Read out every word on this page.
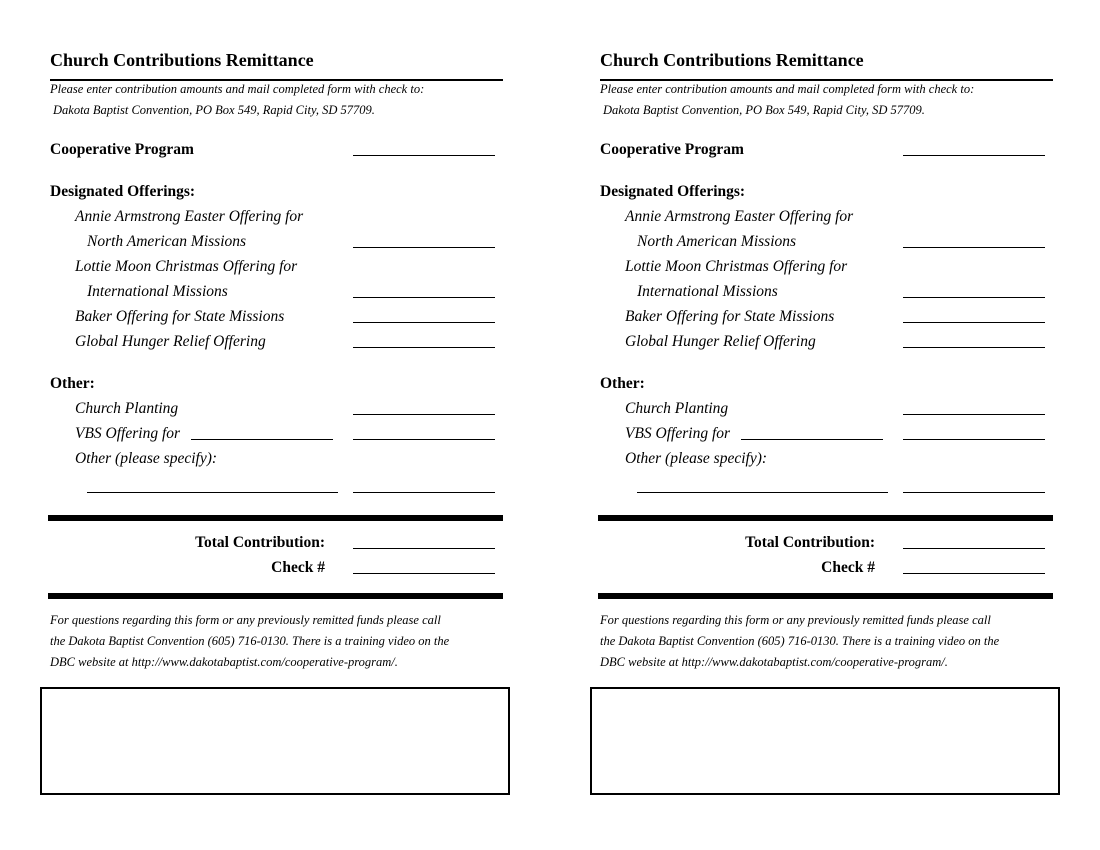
Church Contributions Remittance
Please enter contribution amounts and mail completed form with check to:
Dakota Baptist Convention, PO Box 549, Rapid City, SD 57709.
Cooperative Program
Designated Offerings:
Annie Armstrong Easter Offering for
North American Missions
Lottie Moon Christmas Offering for
International Missions
Baker Offering for State Missions
Global Hunger Relief Offering
Other:
Church Planting
VBS Offering for
Other (please specify):
Total Contribution:
Check #
For questions regarding this form or any previously remitted funds please call
the Dakota Baptist Convention (605) 716-0130. There is a training video on the
DBC website at http://www.dakotabaptist.com/cooperative-program/.
Church Contributions Remittance
Please enter contribution amounts and mail completed form with check to:
Dakota Baptist Convention, PO Box 549, Rapid City, SD 57709.
Cooperative Program
Designated Offerings:
Annie Armstrong Easter Offering for
North American Missions
Lottie Moon Christmas Offering for
International Missions
Baker Offering for State Missions
Global Hunger Relief Offering
Other:
Church Planting
VBS Offering for
Other (please specify):
Total Contribution:
Check #
For questions regarding this form or any previously remitted funds please call
the Dakota Baptist Convention (605) 716-0130. There is a training video on the
DBC website at http://www.dakotabaptist.com/cooperative-program/.
